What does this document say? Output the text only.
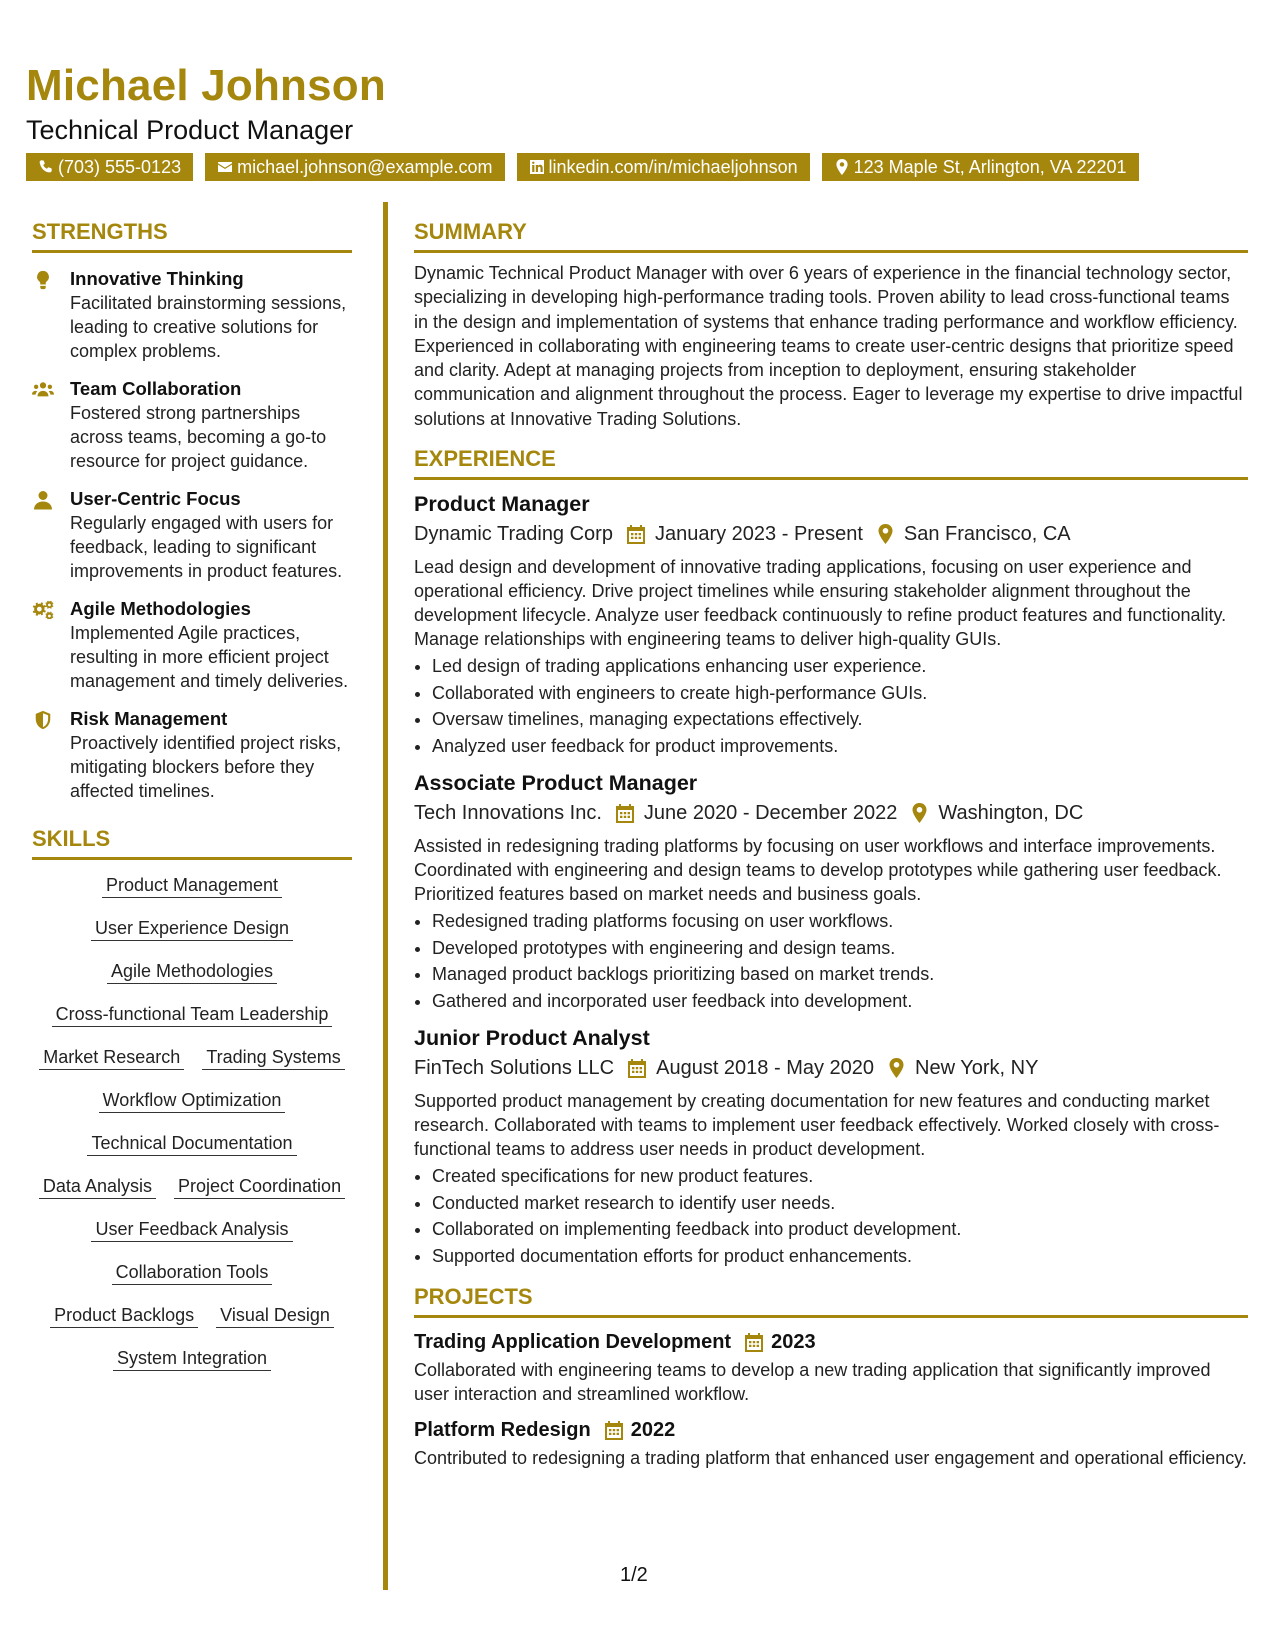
Michael Johnson
Technical Product Manager
(703) 555-0123	michael.johnson@example.com	linkedin.com/in/michaeljohnson	123 Maple St, Arlington, VA 22201
STRENGTHS
Innovative Thinking
Facilitated brainstorming sessions, leading to creative solutions for complex problems.
Team Collaboration
Fostered strong partnerships across teams, becoming a go-to resource for project guidance.
User-Centric Focus
Regularly engaged with users for feedback, leading to significant improvements in product features.
Agile Methodologies
Implemented Agile practices, resulting in more efficient project management and timely deliveries.
Risk Management
Proactively identified project risks, mitigating blockers before they affected timelines.
SKILLS
Product Management
User Experience Design
Agile Methodologies
Cross-functional Team Leadership
Market Research Trading Systems
Workflow Optimization
Technical Documentation
Data Analysis Project Coordination
User Feedback Analysis
Collaboration Tools
Product Backlogs Visual Design
System Integration
SUMMARY
Dynamic Technical Product Manager with over 6 years of experience in the financial technology sector, specializing in developing high-performance trading tools. Proven ability to lead cross-functional teams in the design and implementation of systems that enhance trading performance and workflow efficiency. Experienced in collaborating with engineering teams to create user-centric designs that prioritize speed and clarity. Adept at managing projects from inception to deployment, ensuring stakeholder communication and alignment throughout the process. Eager to leverage my expertise to drive impactful solutions at Innovative Trading Solutions.
EXPERIENCE
Product Manager
Dynamic Trading Corp January 2023 - Present San Francisco, CA
Lead design and development of innovative trading applications, focusing on user experience and operational efficiency. Drive project timelines while ensuring stakeholder alignment throughout the development lifecycle. Analyze user feedback continuously to refine product features and functionality. Manage relationships with engineering teams to deliver high-quality GUIs.
• Led design of trading applications enhancing user experience.
• Collaborated with engineers to create high-performance GUIs.
• Oversaw timelines, managing expectations effectively.
• Analyzed user feedback for product improvements.
Associate Product Manager
Tech Innovations Inc. June 2020 - December 2022 Washington, DC
Assisted in redesigning trading platforms by focusing on user workflows and interface improvements. Coordinated with engineering and design teams to develop prototypes while gathering user feedback. Prioritized features based on market needs and business goals.
• Redesigned trading platforms focusing on user workflows.
• Developed prototypes with engineering and design teams.
• Managed product backlogs prioritizing based on market trends.
• Gathered and incorporated user feedback into development.
Junior Product Analyst
FinTech Solutions LLC August 2018 - May 2020 New York, NY
Supported product management by creating documentation for new features and conducting market research. Collaborated with teams to implement user feedback effectively. Worked closely with cross-functional teams to address user needs in product development.
• Created specifications for new product features.
• Conducted market research to identify user needs.
• Collaborated on implementing feedback into product development.
• Supported documentation efforts for product enhancements.
PROJECTS
Trading Application Development 2023
Collaborated with engineering teams to develop a new trading application that significantly improved user interaction and streamlined workflow.
Platform Redesign 2022
Contributed to redesigning a trading platform that enhanced user engagement and operational efficiency.
1/2
